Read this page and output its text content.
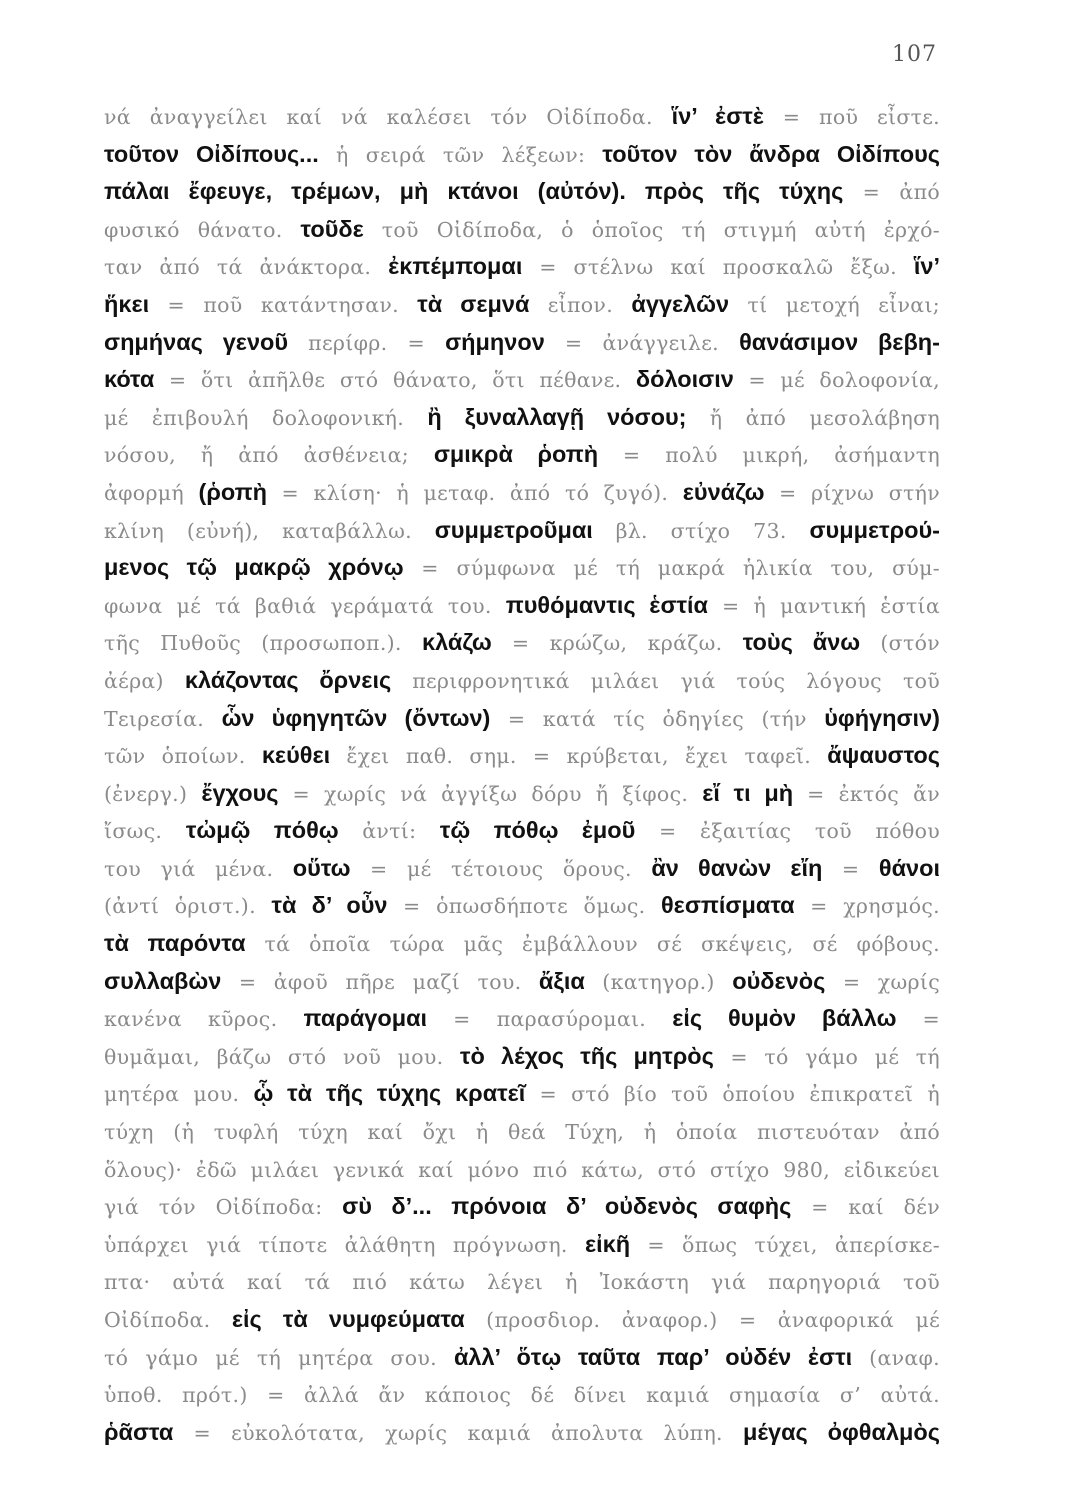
107
νά ἀναγγείλει καί νά καλέσει τόν Οἰδίποδα. ἵν’ ἐστὲ = ποῦ εἶστε.
τοῦτον Οἰδίπους... ἡ σειρά τῶν λέξεων: τοῦτον τὸν ἄνδρα Οἰδίπους
πάλαι ἔφευγε, τρέμων, μὴ κτάνοι (αὐτόν). πρὸς τῆς τύχης = ἀπό
φυσικό θάνατο. τοῦδε τοῦ Οἰδίποδα, ὁ ὁποῖος τή στιγμή αὐτή ἐρχό-
ταν ἀπό τά ἀνάκτορα. ἐκπέμπομαι = στέλνω καί προσκαλῶ ἔξω. ἵν’
ἥκει = ποῦ κατάντησαν. τὰ σεμνά εἶπον. ἀγγελῶν τί μετοχή εἶναι;
σημήνας γενοῦ περίφρ. = σήμηνον = ἀνάγγειλε. θανάσιμον βεβη-
κότα = ὅτι ἀπῆλθε στό θάνατο, ὅτι πέθανε. δόλοισιν = μέ δολοφονία,
μέ ἐπιβουλή δολοφονική. ἢ ξυναλλαγῇ νόσου; ἤ ἀπό μεσολάβηση
νόσου, ἤ ἀπό ἀσθένεια; σμικρὰ ῥοπὴ = πολύ μικρή, ἀσήμαντη
ἀφορμή (ῥοπὴ = κλίση· ἡ μεταφ. ἀπό τό ζυγό). εὐνάζω = ρίχνω στήν
κλίνη (εὐνή), καταβάλλω. συμμετροῦμαι βλ. στίχο 73. συμμετρού-
μενος τῷ μακρῷ χρόνῳ = σύμφωνα μέ τή μακρά ἡλικία του, σύμ-
φωνα μέ τά βαθιά γεράματά του. πυθόμαντις ἑστία = ἡ μαντική ἑστία
τῆς Πυθοῦς (προσωποπ.). κλάζω = κρώζω, κράζω. τοὺς ἄνω (στόν
ἀέρα) κλάζοντας ὄρνεις περιφρονητικά μιλάει γιά τούς λόγους τοῦ
Τειρεσία. ὧν ὑφηγητῶν (ὄντων) = κατά τίς ὁδηγίες (τήν ὑφήγησιν)
τῶν ὁποίων. κεύθει ἔχει παθ. σημ. = κρύβεται, ἔχει ταφεῖ. ἄψαυστος
(ἐνεργ.) ἔγχους = χωρίς νά ἀγγίξω δόρυ ἤ ξίφος. εἴ τι μὴ = ἐκτός ἄν
ἴσως. τὠμῷ πόθῳ ἀντί: τῷ πόθῳ ἐμοῦ = ἐξαιτίας τοῦ πόθου
του γιά μένα. οὕτω = μέ τέτοιους ὅρους. ἂν θανὼν εἴη = θάνοι
(ἀντί ὁριστ.). τὰ δ’ οὖν = ὁπωσδήποτε ὅμως. θεσπίσματα = χρησμός.
τὰ παρόντα τά ὁποῖα τώρα μᾶς ἐμβάλλουν σέ σκέψεις, σέ φόβους.
συλλαβὼν = ἀφοῦ πῆρε μαζί του. ἄξια (κατηγορ.) οὐδενὸς = χωρίς
κανένα κῦρος. παράγομαι = παρασύρομαι. εἰς θυμὸν βάλλω =
θυμᾶμαι, βάζω στό νοῦ μου. τὸ λέχος τῆς μητρὸς = τό γάμο μέ τή
μητέρα μου. ᾧ τὰ τῆς τύχης κρατεῖ = στό βίο τοῦ ὁποίου ἐπικρατεῖ ἡ
τύχη (ἡ τυφλή τύχη καί ὄχι ἡ θεά Τύχη, ἡ ὁποία πιστευόταν ἀπό
ὅλους)· ἐδῶ μιλάει γενικά καί μόνο πιό κάτω, στό στίχο 980, εἰδικεύει
γιά τόν Οἰδίποδα: σὺ δ’... πρόνοια δ’ οὐδενὸς σαφὴς = καί δέν
ὑπάρχει γιά τίποτε ἀλάθητη πρόγνωση. εἰκῆ = ὅπως τύχει, ἀπερίσκε-
πτα· αὐτά καί τά πιό κάτω λέγει ἡ Ἰοκάστη γιά παρηγοριά τοῦ
Οἰδίποδα. εἰς τὰ νυμφεύματα (προσδιορ. ἀναφορ.) = ἀναφορικά μέ
τό γάμο μέ τή μητέρα σου. ἀλλ’ ὅτῳ ταῦτα παρ’ οὐδέν ἐστι (αναφ.
ὑποθ. πρότ.) = ἀλλά ἄν κάποιος δέ δίνει καμιά σημασία σ’ αὐτά.
ῥᾶστα = εὐκολότατα, χωρίς καμιά ἀπολυτα λύπη. μέγας ὀφθαλμὸς
